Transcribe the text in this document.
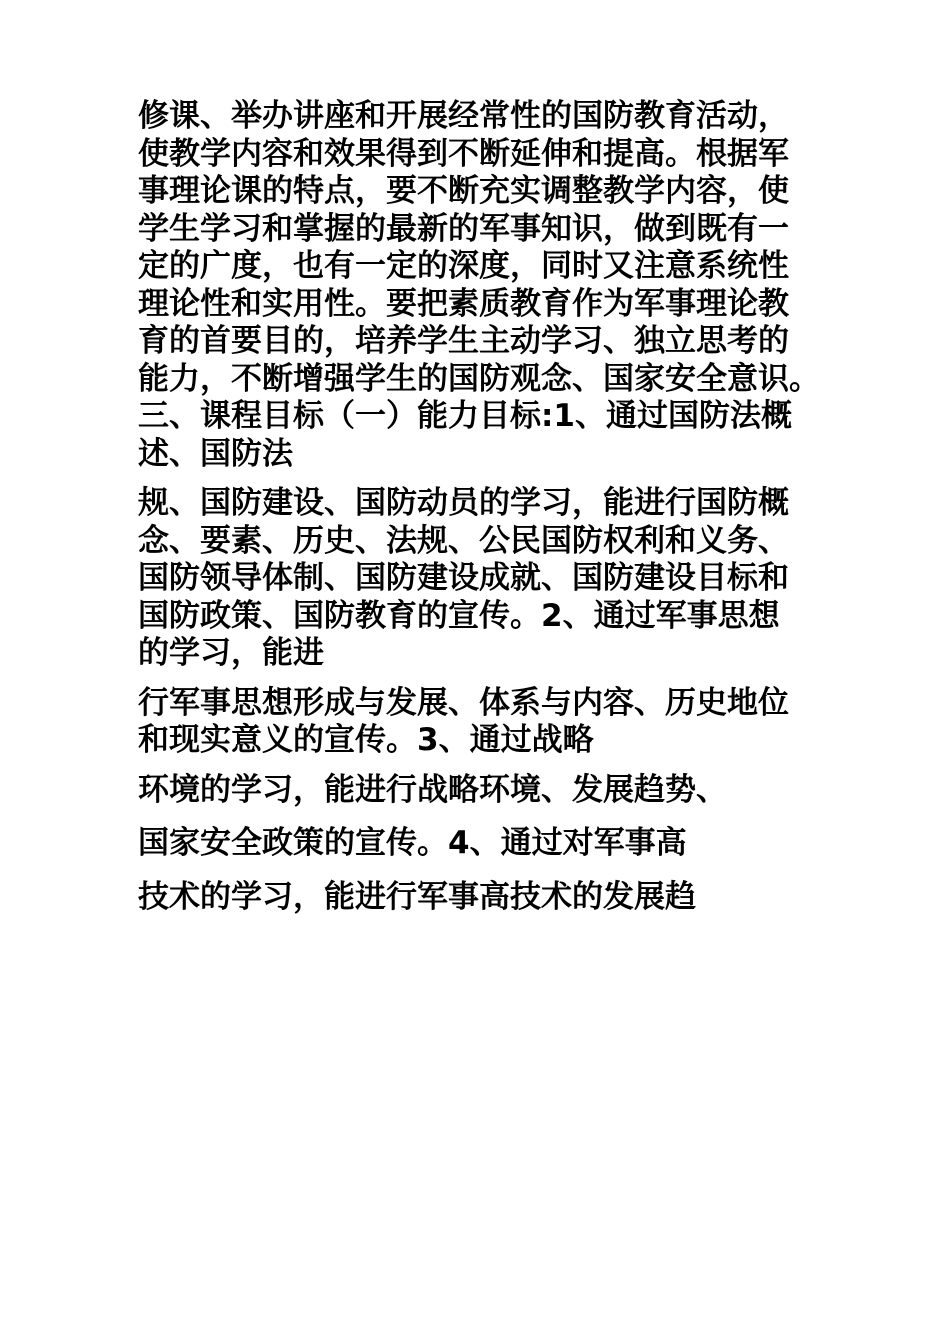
修课、举办讲座和开展经常性的国防教育活动，
使教学内容和效果得到不断延伸和提高。根据军
事理论课的特点，要不断充实调整教学内容，使
学生学习和掌握的最新的军事知识，做到既有一
定的广度，也有一定的深度，同时又注意系统性
理论性和实用性。要把素质教育作为军事理论教
育的首要目的，培养学生主动学习、独立思考的
能力，不断增强学生的国防观念、国家安全意识。
三、课程目标（一）能力目标:1、通过国防法概
述、国防法

规、国防建设、国防动员的学习，能进行国防概
念、要素、历史、法规、公民国防权利和义务、
国防领导体制、国防建设成就、国防建设目标和
国防政策、国防教育的宣传。2、通过军事思想
的学习，能进

行军事思想形成与发展、体系与内容、历史地位
和现实意义的宣传。3、通过战略

环境的学习，能进行战略环境、发展趋势、

国家安全政策的宣传。4、通过对军事高

技术的学习，能进行军事高技术的发展趋
